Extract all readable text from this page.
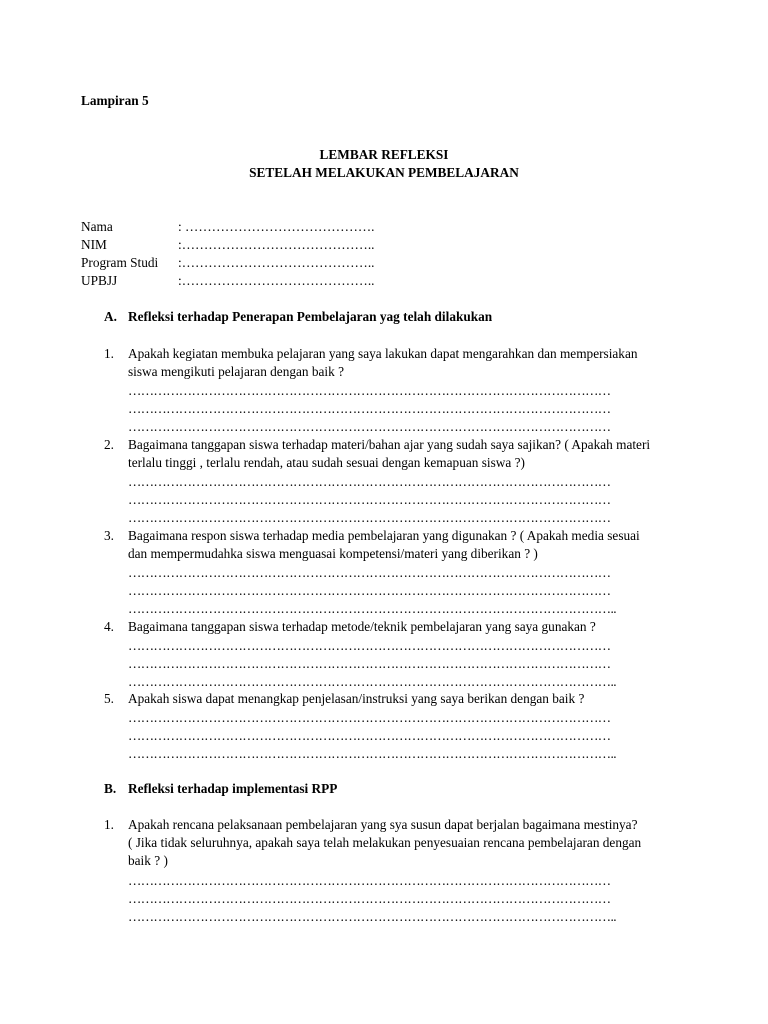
Lampiran 5
LEMBAR REFLEKSI
SETELAH MELAKUKAN PEMBELAJARAN
Nama	: …………………………………….
NIM	:……………………………………..
Program Studi :……………………………………..
UPBJJ	:……………………………………..
A. Refleksi terhadap Penerapan Pembelajaran yag telah dilakukan
1. Apakah kegiatan membuka pelajaran yang saya lakukan dapat mengarahkan dan mempersiakan
siswa mengikuti pelajaran dengan baik ?
……………………………………………………………………………………………………
……………………………………………………………………………………………………
……………………………………………………………………………………………………
2. Bagaimana tanggapan siswa terhadap materi/bahan ajar yang sudah saya sajikan? ( Apakah materi
terlalu tinggi , terlalu rendah, atau sudah sesuai dengan kemapuan siswa ?)
……………………………………………………………………………………………………
……………………………………………………………………………………………………
……………………………………………………………………………………………………
3. Bagaimana respon siswa terhadap media pembelajaran yang digunakan ? ( Apakah media sesuai
dan mempermudahka siswa menguasai kompetensi/materi yang diberikan ? )
……………………………………………………………………………………………………
……………………………………………………………………………………………………
……………………………………………………………………………………………………..
4. Bagaimana tanggapan siswa terhadap metode/teknik pembelajaran yang saya gunakan ?
……………………………………………………………………………………………………
……………………………………………………………………………………………………
……………………………………………………………………………………………………..
5. Apakah siswa dapat menangkap penjelasan/instruksi yang saya berikan dengan baik ?
……………………………………………………………………………………………………
……………………………………………………………………………………………………
……………………………………………………………………………………………………..
B. Refleksi terhadap implementasi RPP
1. Apakah rencana pelaksanaan pembelajaran yang sya susun dapat berjalan bagaimana mestinya?
( Jika tidak seluruhnya, apakah saya telah melakukan penyesuaian rencana pembelajaran dengan
baik ? )
……………………………………………………………………………………………………
……………………………………………………………………………………………………
……………………………………………………………………………………………………..
